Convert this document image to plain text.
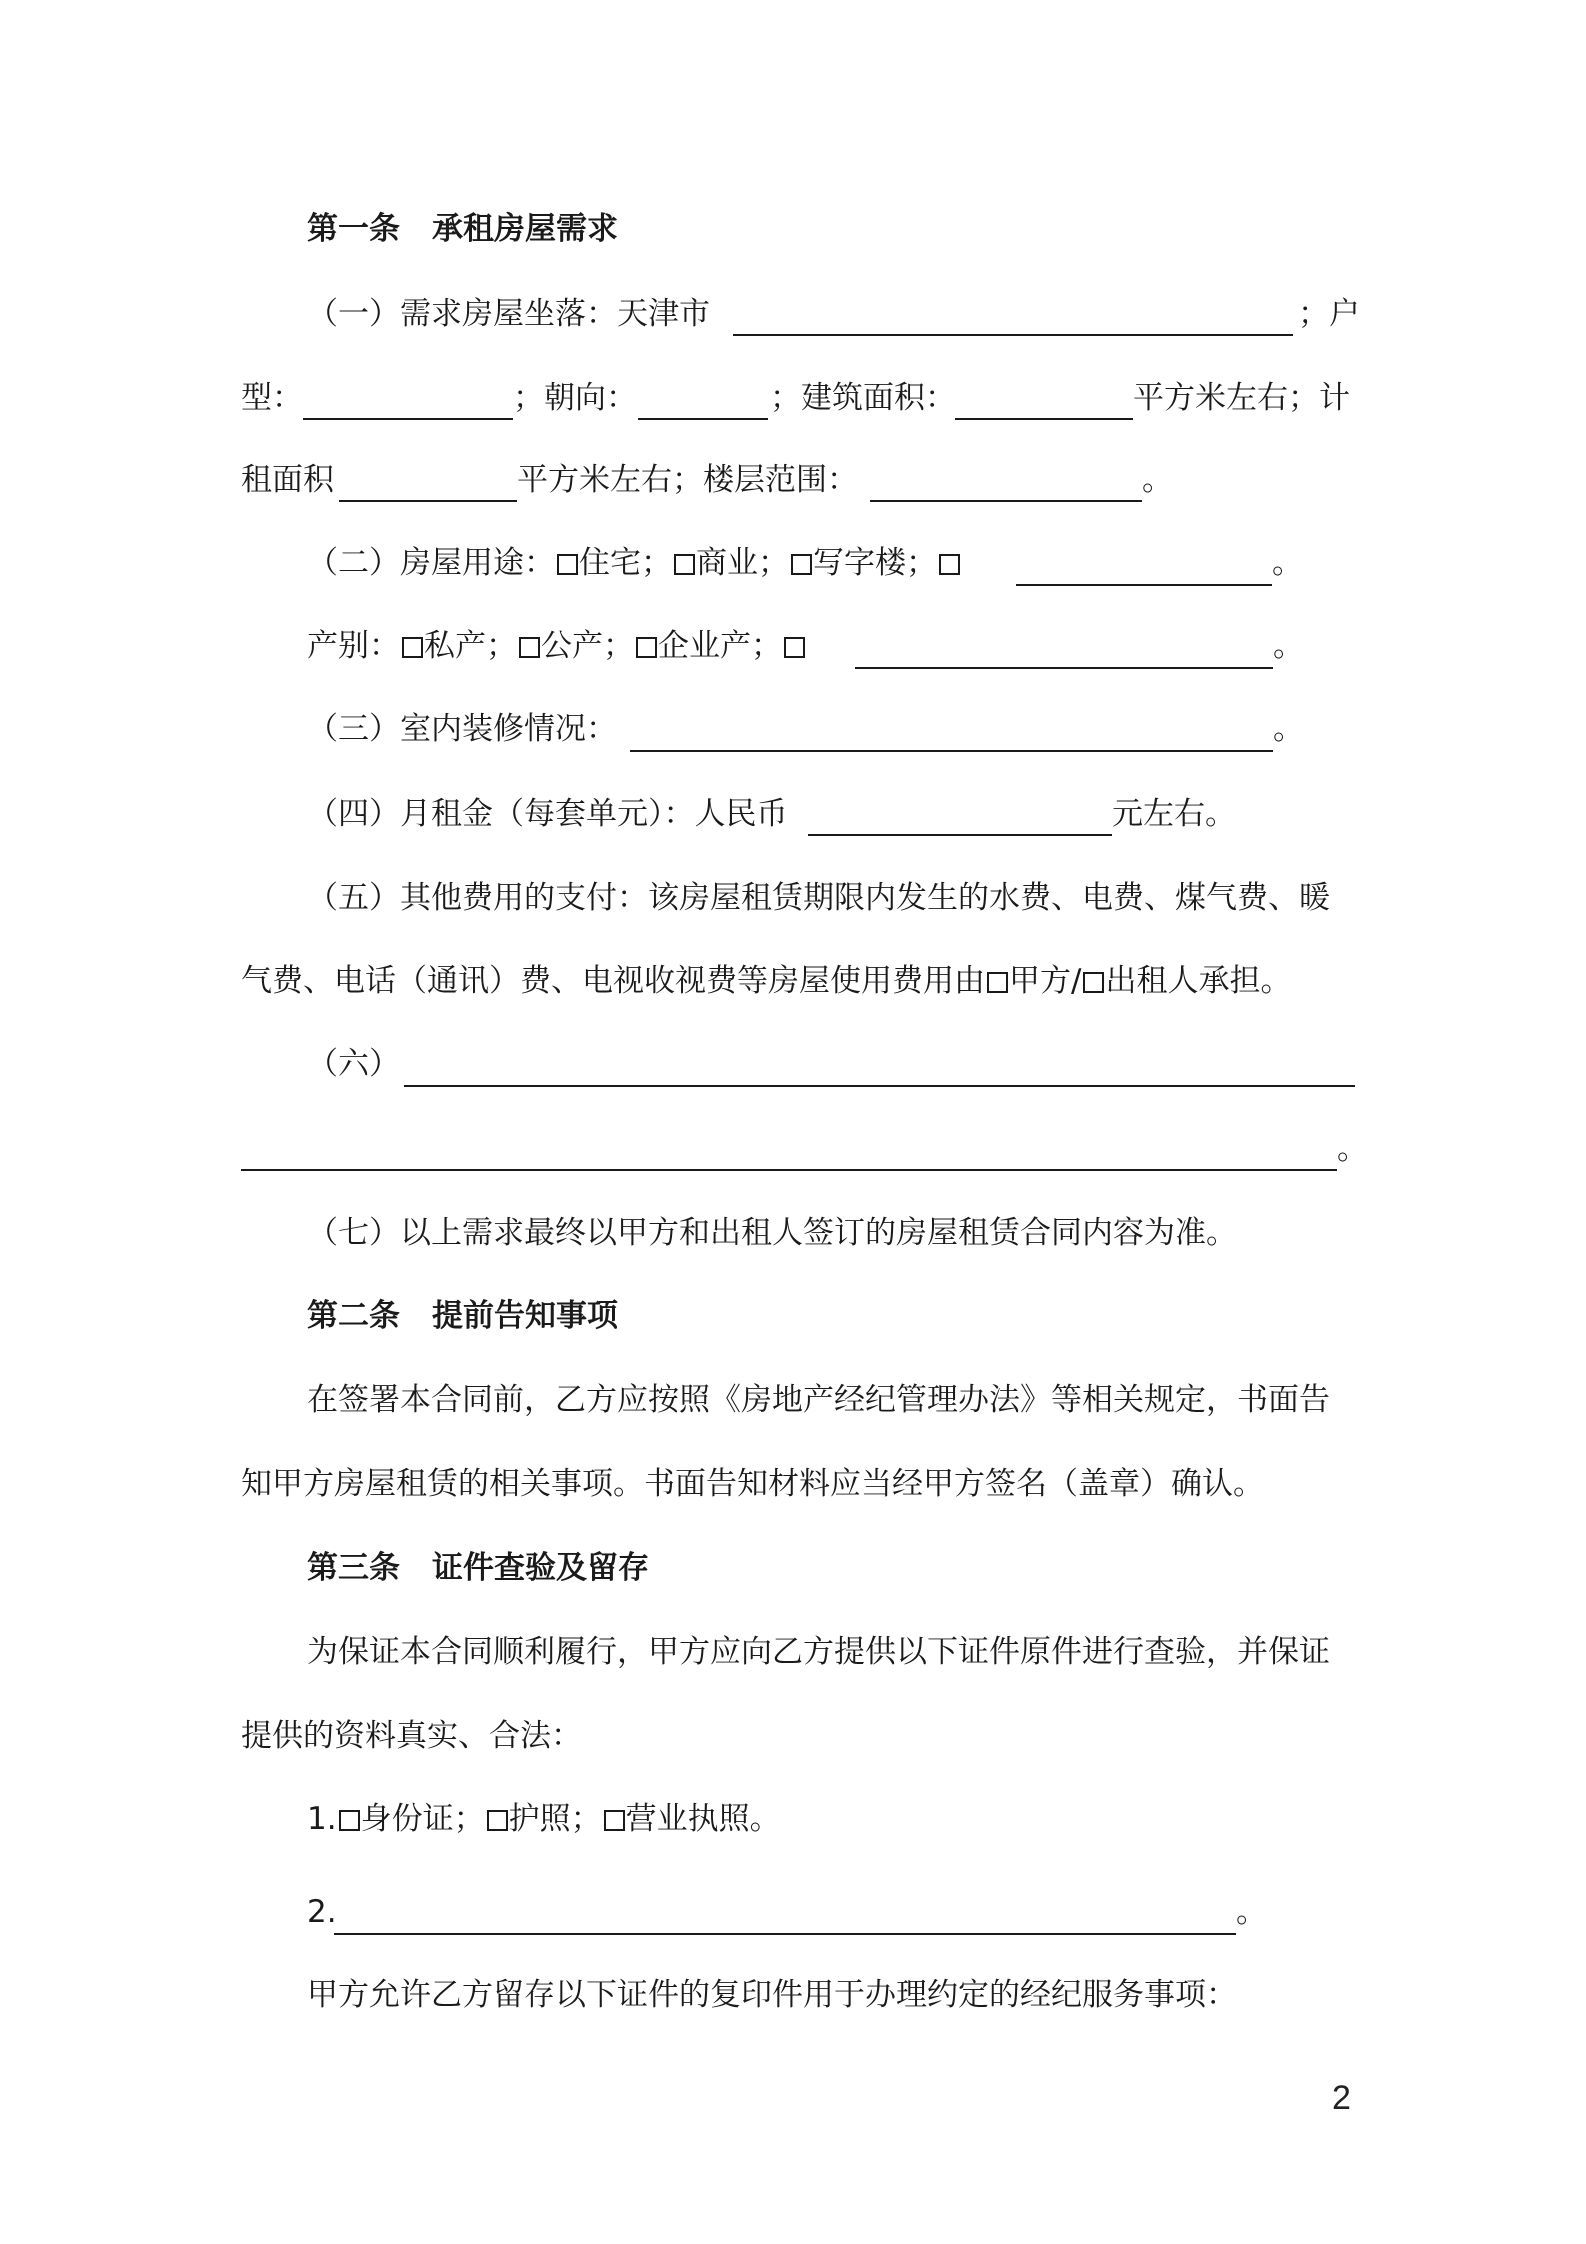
第一条 承租房屋需求
（一）需求房屋坐落：天津市	；户
型：	；朝向：	；建筑面积：	平方米左右；计
租面积	平方米左右；楼层范围：	。
（二）房屋用途： 住宅； 商业； 写字楼；	。
产别： 私产； 公产； 企业产；	。
（三）室内装修情况：	。
（四）月租金（每套单元）：人民币	元左右。
（五）其他费用的支付：该房屋租赁期限内发生的水费、电费、煤气费、暖
气费、电话（通讯）费、电视收视费等房屋使用费用由 甲方/ 出租人承担。
（六）
。
（七）以上需求最终以甲方和出租人签订的房屋租赁合同内容为准。
第二条 提前告知事项
在签署本合同前，乙方应按照《房地产经纪管理办法》等相关规定，书面告
知甲方房屋租赁的相关事项。书面告知材料应当经甲方签名（盖章）确认。
第三条 证件查验及留存
为保证本合同顺利履行，甲方应向乙方提供以下证件原件进行查验，并保证
提供的资料真实、合法：
1. 身份证； 护照； 营业执照。
2.	。
甲方允许乙方留存以下证件的复印件用于办理约定的经纪服务事项：
2
